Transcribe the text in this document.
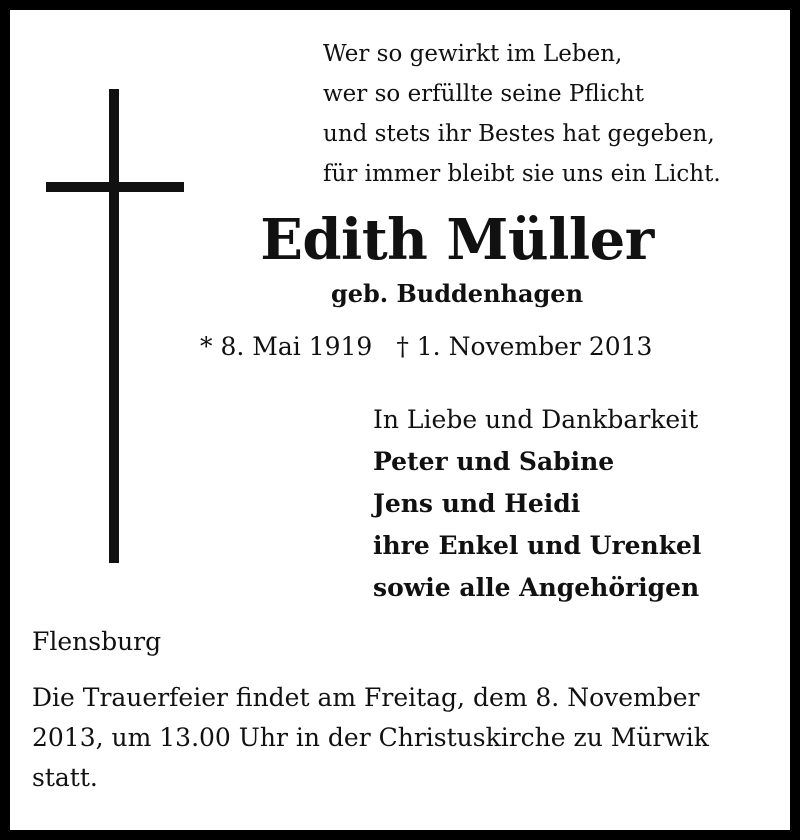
Wer so gewirkt im Leben,
wer so erfüllte seine Pflicht
und stets ihr Bestes hat gegeben,
für immer bleibt sie uns ein Licht.
Edith Müller
geb. Buddenhagen
* 8. Mai 1919 † 1. November 2013
In Liebe und Dankbarkeit
Peter und Sabine
Jens und Heidi
ihre Enkel und Urenkel
sowie alle Angehörigen
Flensburg
Die Trauerfeier findet am Freitag, dem 8. November
2013, um 13.00 Uhr in der Christuskirche zu Mürwik
statt.
